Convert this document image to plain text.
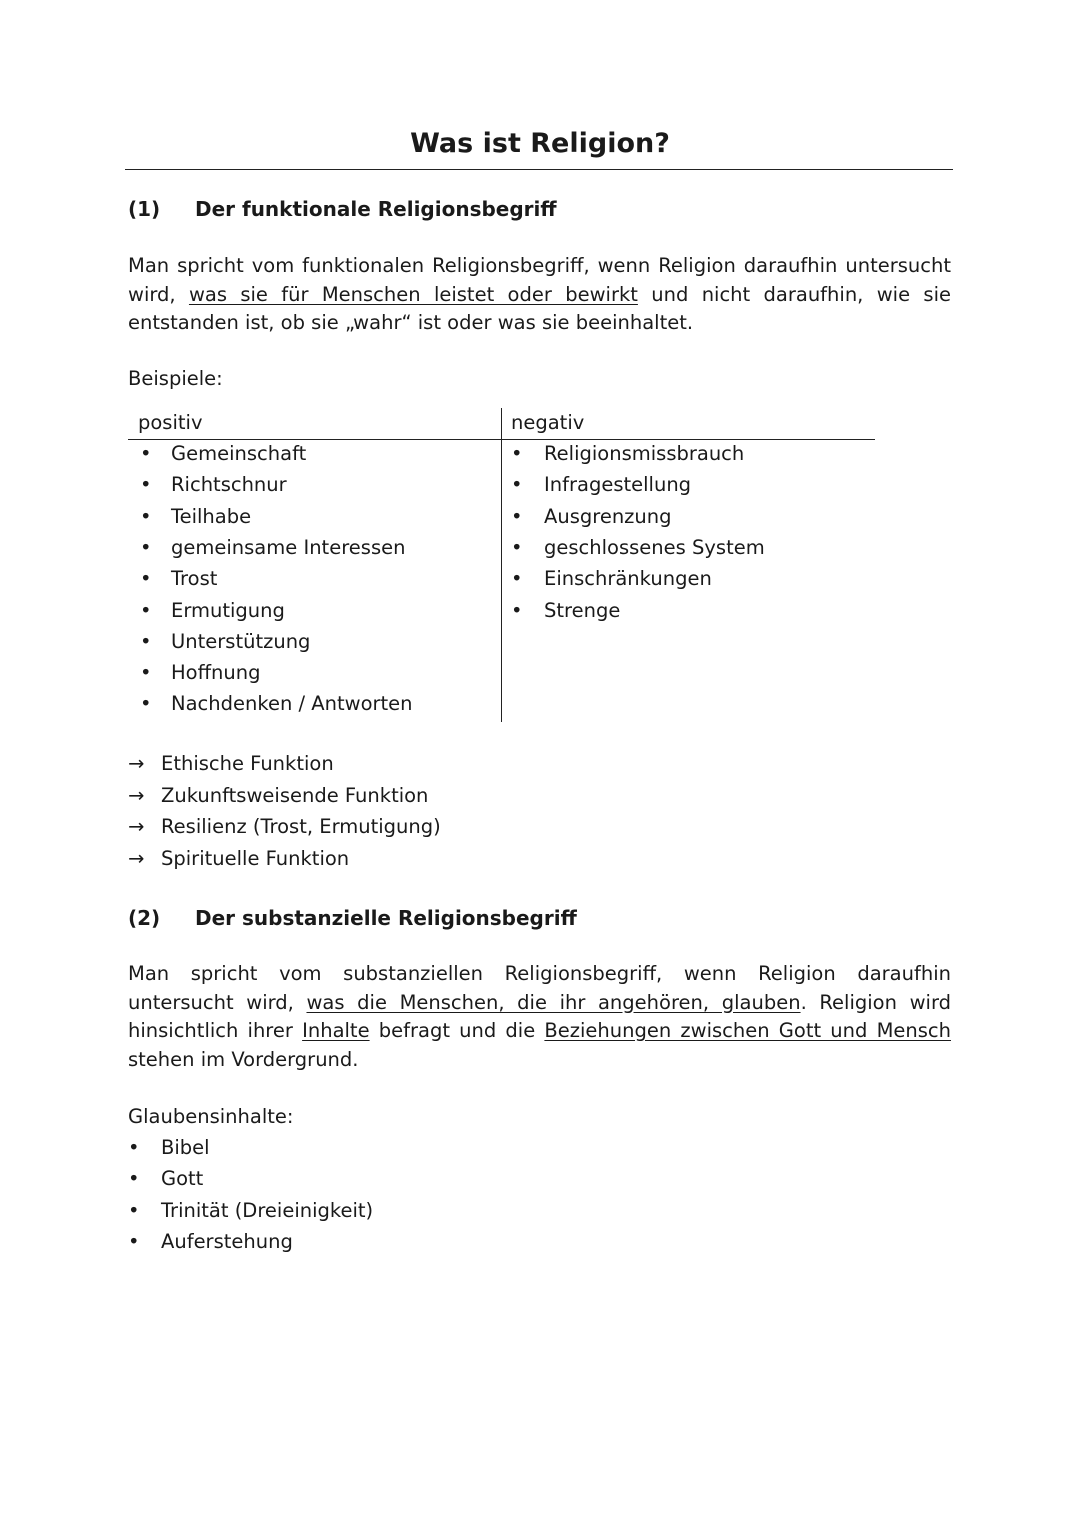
Was ist Religion?
(1) Der funktionale Religionsbegriff
Man spricht vom funktionalen Religionsbegriff, wenn Religion daraufhin untersucht
wird, was sie für Menschen leistet oder bewirkt und nicht daraufhin, wie sie
entstanden ist, ob sie „wahr“ ist oder was sie beeinhaltet.
Beispiele:
positiv	negativ
• Gemeinschaft
• Richtschnur
• Teilhabe
• gemeinsame Interessen
• Trost
• Ermutigung
• Unterstützung
• Hoffnung
• Nachdenken / Antworten
• Religionsmissbrauch
• Infragestellung
• Ausgrenzung
• geschlossenes System
• Einschränkungen
• Strenge
→ Ethische Funktion
→ Zukunftsweisende Funktion
→ Resilienz (Trost, Ermutigung)
→ Spirituelle Funktion
(2) Der substanzielle Religionsbegriff
Man spricht vom substanziellen Religionsbegriff, wenn Religion daraufhin
untersucht wird, was die Menschen, die ihr angehören, glauben. Religion wird
hinsichtlich ihrer Inhalte befragt und die Beziehungen zwischen Gott und Mensch
stehen im Vordergrund.
Glaubensinhalte:
• Bibel
• Gott
• Trinität (Dreieinigkeit)
• Auferstehung
